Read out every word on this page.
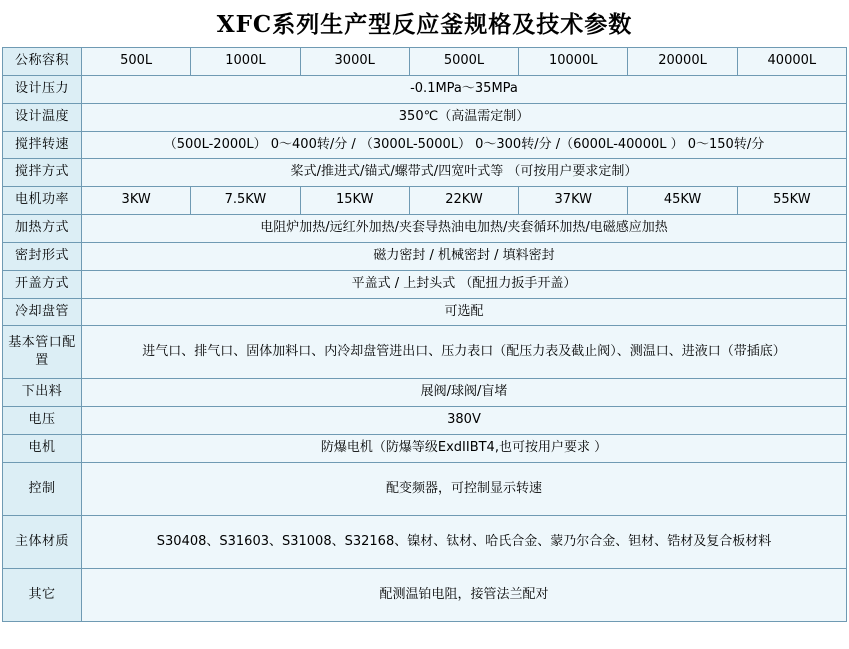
XFC系列生产型反应釜规格及技术参数
公称容积	500L	1000L	3000L	5000L	10000L	20000L	40000L
设计压力	-0.1MPa～35MPa						
设计温度	350℃（高温需定制）						
搅拌转速	（500L-2000L） 0～400转/分 / （3000L-5000L） 0～300转/分 /（6000L-40000L ） 0～150转/分						
搅拌方式	桨式/推进式/锚式/螺带式/四宽叶式等 （可按用户要求定制）						
电机功率	3KW	7.5KW	15KW	22KW	37KW	45KW	55KW
加热方式	电阻炉加热/远红外加热/夹套导热油电加热/夹套循环加热/电磁感应加热						
密封形式	磁力密封 / 机械密封 / 填料密封						
开盖方式	平盖式 / 上封头式 （配扭力扳手开盖）						
冷却盘管	可选配						
基本管口配置	进气口、排气口、固体加料口、内冷却盘管进出口、压力表口（配压力表及截止阀）、测温口、进液口（带插底）						
下出料	展阀/球阀/盲堵						
电压	380V						
电机	防爆电机（防爆等级ExdIIBT4,也可按用户要求 ）						
控制	配变频器，可控制显示转速						
主体材质	S30408、S31603、S31008、S32168、镍材、钛材、哈氏合金、蒙乃尔合金、钽材、锆材及复合板材料						
其它	配测温铂电阻，接管法兰配对						
